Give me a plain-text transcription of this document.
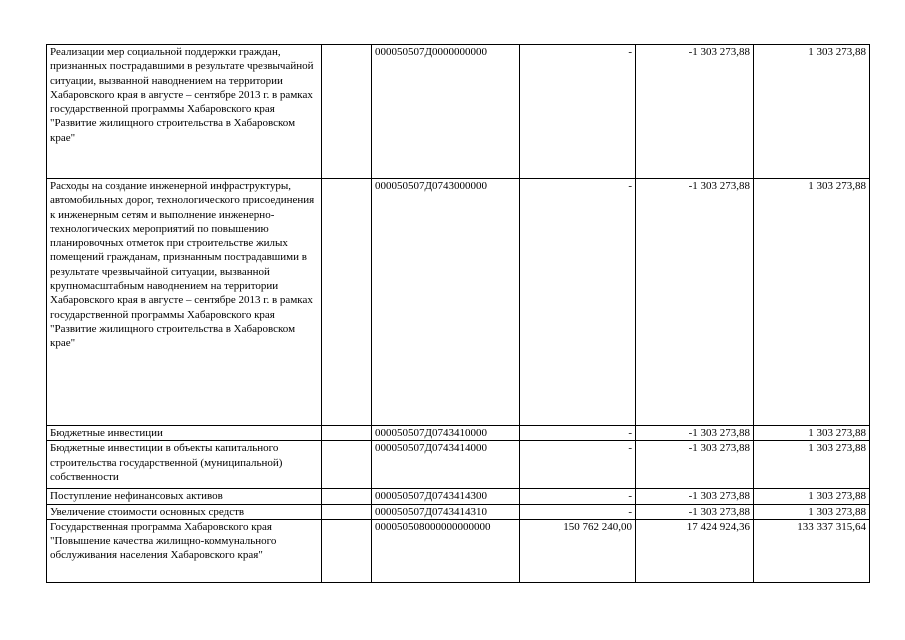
Реализации мер социальной поддержки граждан, признанных пострадавшими в результате чрезвычайной ситуации, вызванной наводнением на территории Хабаровского края в августе – сентябре 2013 г. в рамках государственной программы Хабаровского края "Развитие жилищного строительства в Хабаровском крае"		000050507Д0000000000	-	-1 303 273,88	1 303 273,88
Расходы на создание инженерной инфраструктуры, автомобильных дорог, технологического присоединения к инженерным сетям и выполнение инженерно-технологических мероприятий по повышению планировочных отметок при строительстве жилых помещений гражданам, признанным пострадавшими в результате чрезвычайной ситуации, вызванной крупномасштабным наводнением на территории Хабаровского края в августе – сентябре 2013 г. в рамках государственной программы Хабаровского края "Развитие жилищного строительства в Хабаровском крае"		000050507Д0743000000	-	-1 303 273,88	1 303 273,88
Бюджетные инвестиции		000050507Д0743410000	-	-1 303 273,88	1 303 273,88
Бюджетные инвестиции в объекты капитального строительства государственной (муниципальной) собственности		000050507Д0743414000	-	-1 303 273,88	1 303 273,88
Поступление нефинансовых активов		000050507Д0743414300	-	-1 303 273,88	1 303 273,88
Увеличение стоимости основных средств		000050507Д0743414310	-	-1 303 273,88	1 303 273,88
Государственная программа Хабаровского края "Повышение качества жилищно-коммунального обслуживания населения Хабаровского края"		000050508000000000000	150 762 240,00	17 424 924,36	133 337 315,64
